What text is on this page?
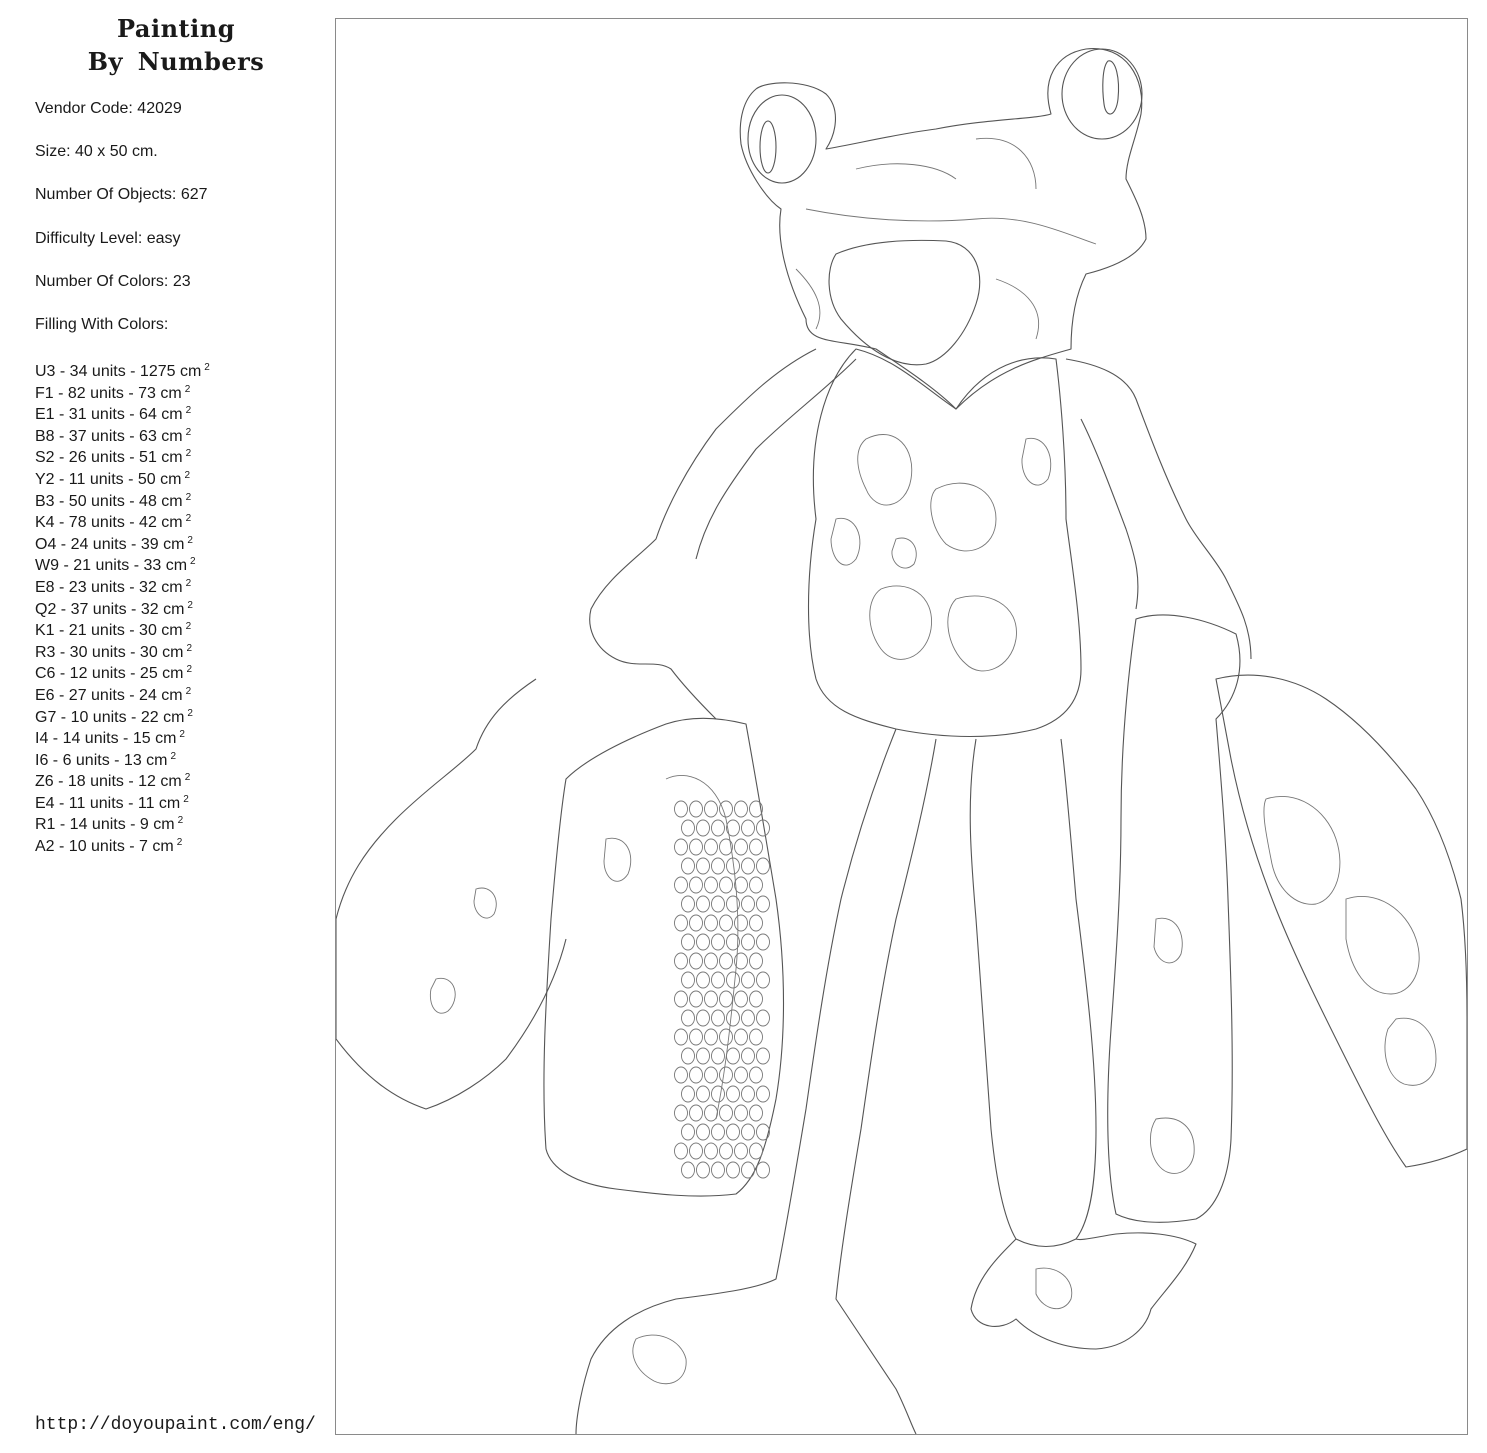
Painting
By Numbers
Vendor Code: 42029
Size: 40 x 50 cm.
Number Of Objects: 627
Difficulty Level: easy
Number Of Colors: 23
Filling With Colors:
U3 - 34 units - 1275 cm $^2$
F1 - 82 units - 73 cm $^2$
E1 - 31 units - 64 cm $^2$
B8 - 37 units - 63 cm $^2$
S2 - 26 units - 51 cm $^2$
Y2 - 11 units - 50 cm $^2$
B3 - 50 units - 48 cm $^2$
K4 - 78 units - 42 cm $^2$
O4 - 24 units - 39 cm $^2$
W9 - 21 units - 33 cm $^2$
E8 - 23 units - 32 cm $^2$
Q2 - 37 units - 32 cm $^2$
K1 - 21 units - 30 cm $^2$
R3 - 30 units - 30 cm $^2$
C6 - 12 units - 25 cm $^2$
E6 - 27 units - 24 cm $^2$
G7 - 10 units - 22 cm $^2$
I4 - 14 units - 15 cm $^2$
I6 - 6 units - 13 cm $^2$
Z6 - 18 units - 12 cm $^2$
E4 - 11 units - 11 cm $^2$
R1 - 14 units - 9 cm $^2$
A2 - 10 units - 7 cm $^2$
http://doyoupaint.com/eng/
